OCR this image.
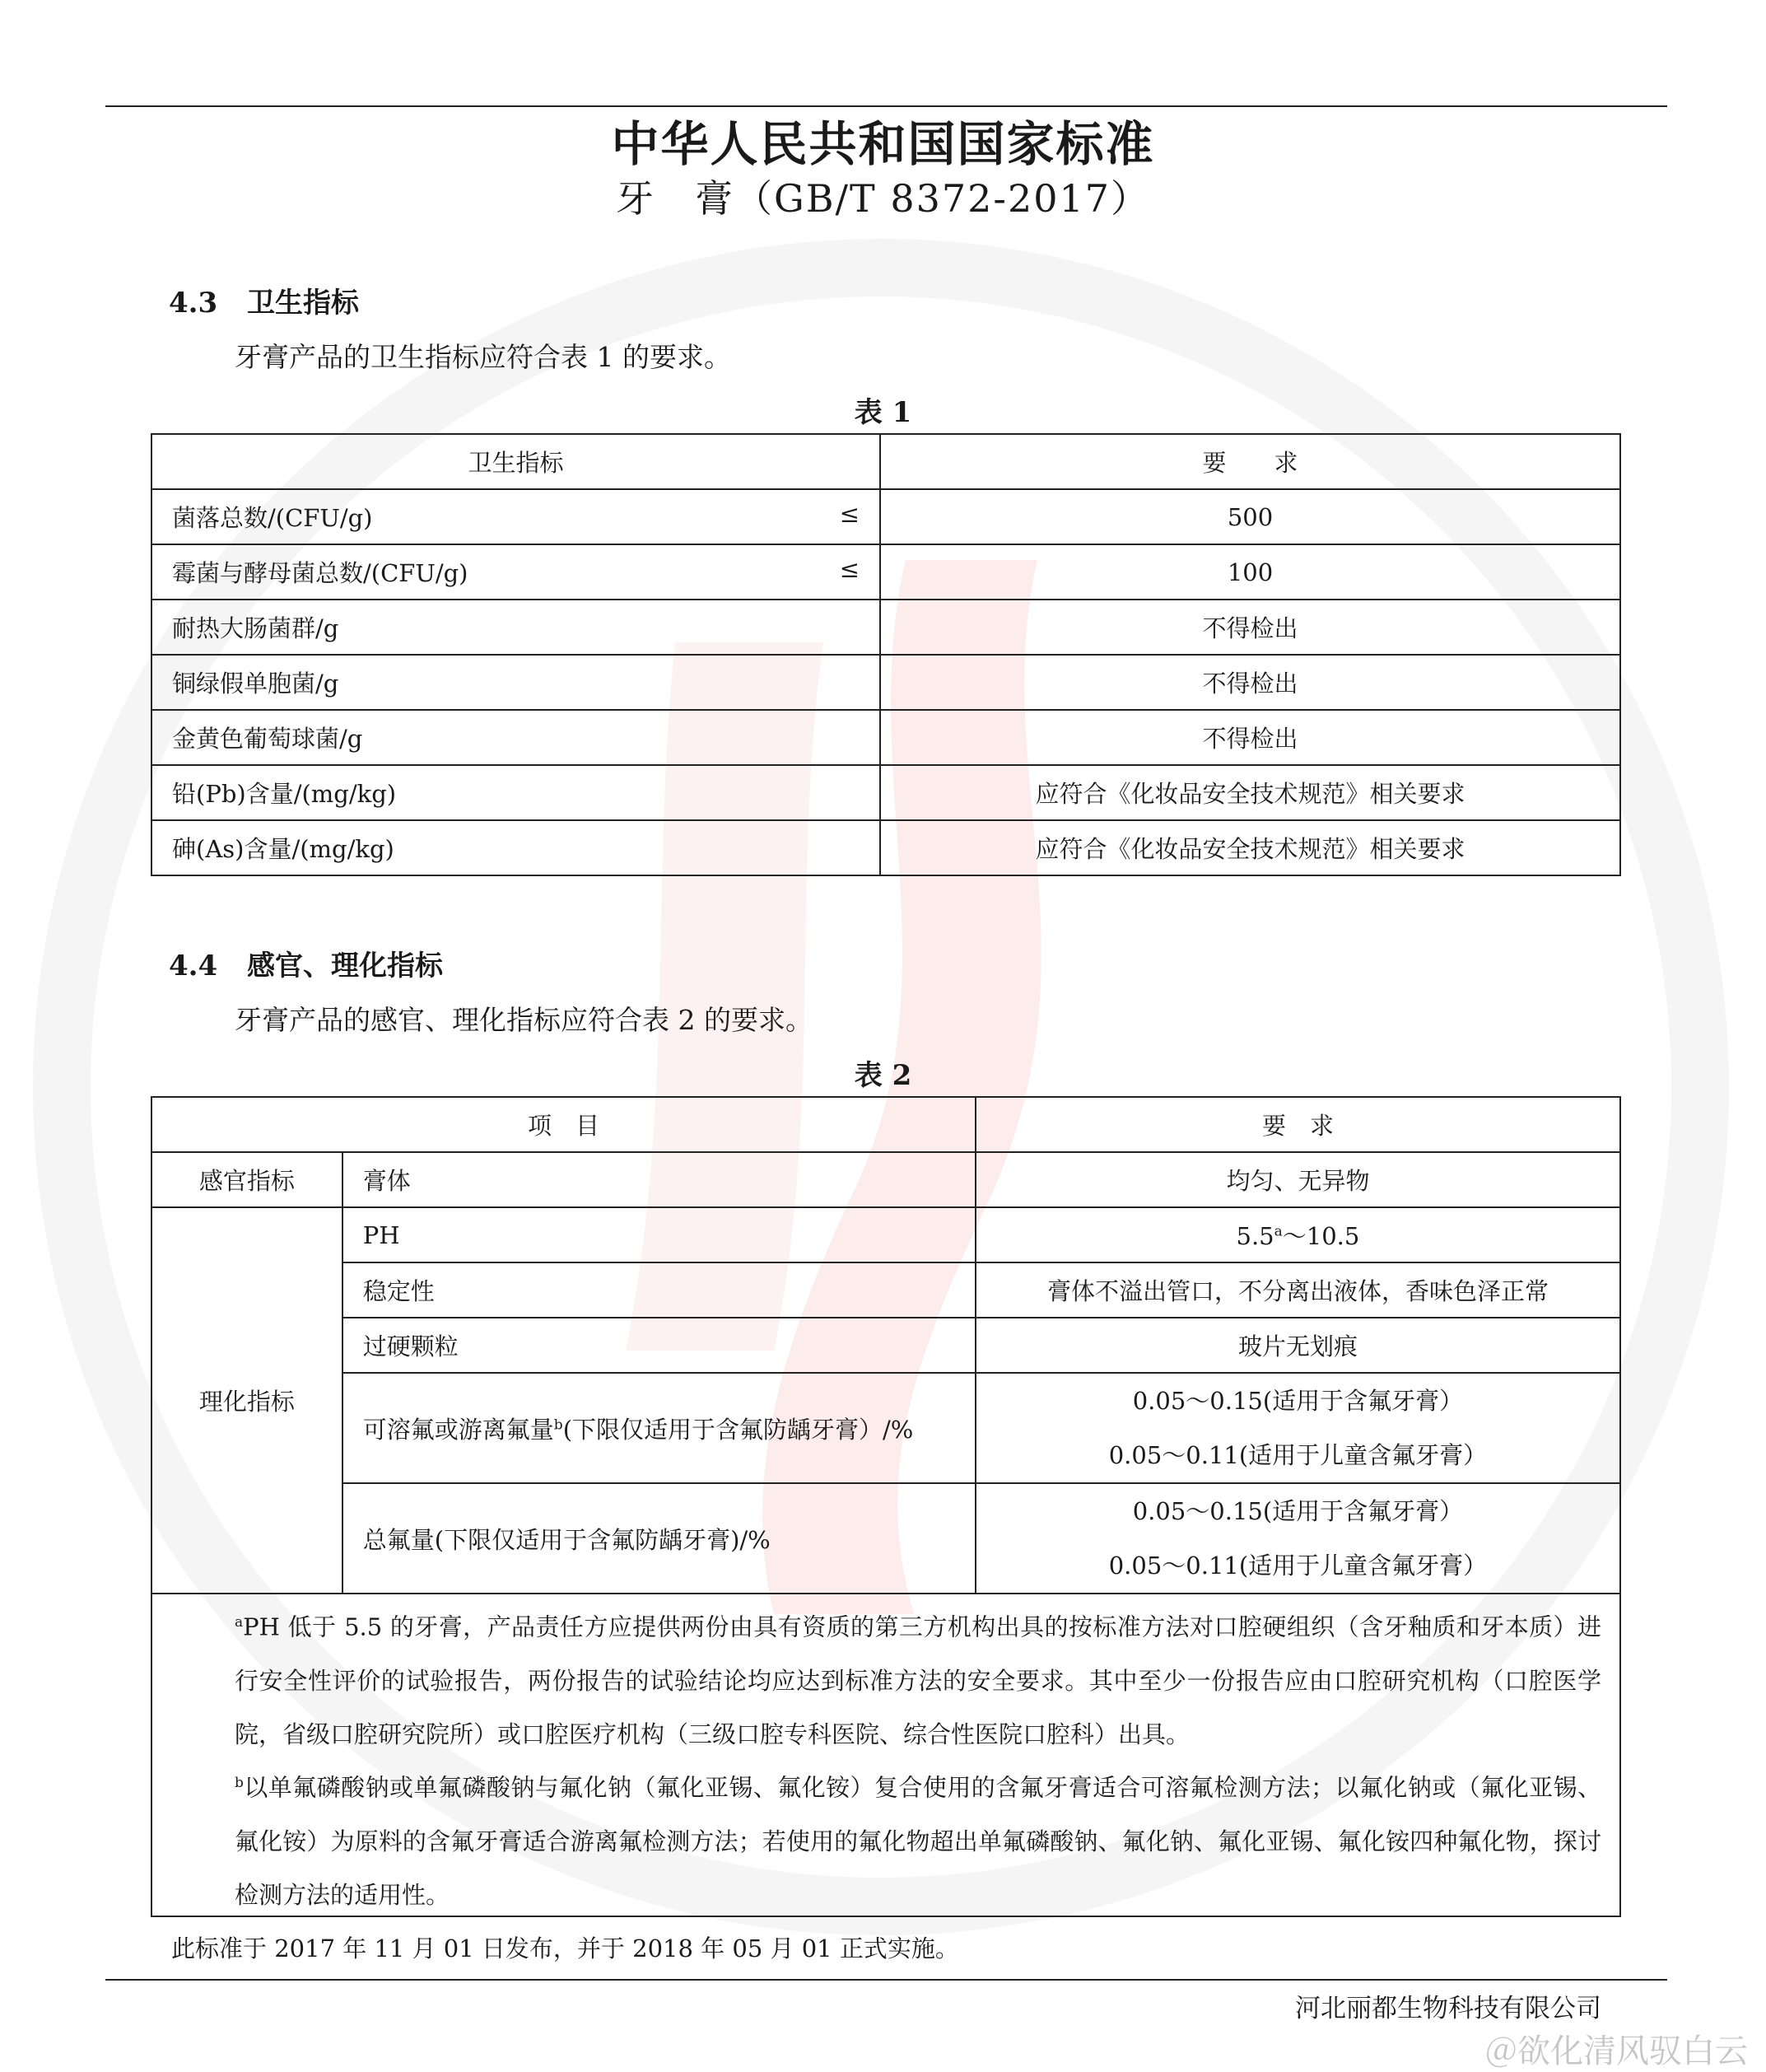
中华人民共和国国家标准
牙　膏（GB/T 8372-2017）
4.3 卫生指标
牙膏产品的卫生指标应符合表 1 的要求。
表 1
卫生指标	要　　求
菌落总数/(CFU/g) ≤	500
霉菌与酵母菌总数/(CFU/g) ≤	100
耐热大肠菌群/g	不得检出
铜绿假单胞菌/g	不得检出
金黄色葡萄球菌/g	不得检出
铅(Pb)含量/(mg/kg)	应符合《化妆品安全技术规范》相关要求
砷(As)含量/(mg/kg)	应符合《化妆品安全技术规范》相关要求
4.4 感官、理化指标
牙膏产品的感官、理化指标应符合表 2 的要求。
表 2
项　目		要　求
感官指标	膏体	均匀、无异物
理化指标	PH	5.5$^a$～10.5
	稳定性	膏体不溢出管口，不分离出液体，香味色泽正常
	过硬颗粒	玻片无划痕
	可溶氟或游离氟量$^b$(下限仅适用于含氟防龋牙膏）/%	0.05～0.15(适用于含氟牙膏）
0.05～0.11(适用于儿童含氟牙膏）

	总氟量(下限仅适用于含氟防龋牙膏)/%	0.05～0.15(适用于含氟牙膏）
0.05～0.11(适用于儿童含氟牙膏）
$^a$PH 低于 5.5 的牙膏，产品责任方应提供两份由具有资质的第三方机构出具的按标准方法对口腔硬组织（含牙釉质和牙本质）进行安全性评价的试验报告，两份报告的试验结论均应达到标准方法的安全要求。其中至少一份报告应由口腔研究机构（口腔医学院，省级口腔研究院所）或口腔医疗机构（三级口腔专科医院、综合性医院口腔科）出具。
$^b$以单氟磷酸钠或单氟磷酸钠与氟化钠（氟化亚锡、氟化铵）复合使用的含氟牙膏适合可溶氟检测方法；以氟化钠或（氟化亚锡、氟化铵）为原料的含氟牙膏适合游离氟检测方法；若使用的氟化物超出单氟磷酸钠、氟化钠、氟化亚锡、氟化铵四种氟化物，探讨检测方法的适用性。
此标准于 2017 年 11 月 01 日发布，并于 2018 年 05 月 01 正式实施。
河北丽都生物科技有限公司
＠欲化清风驭白云
